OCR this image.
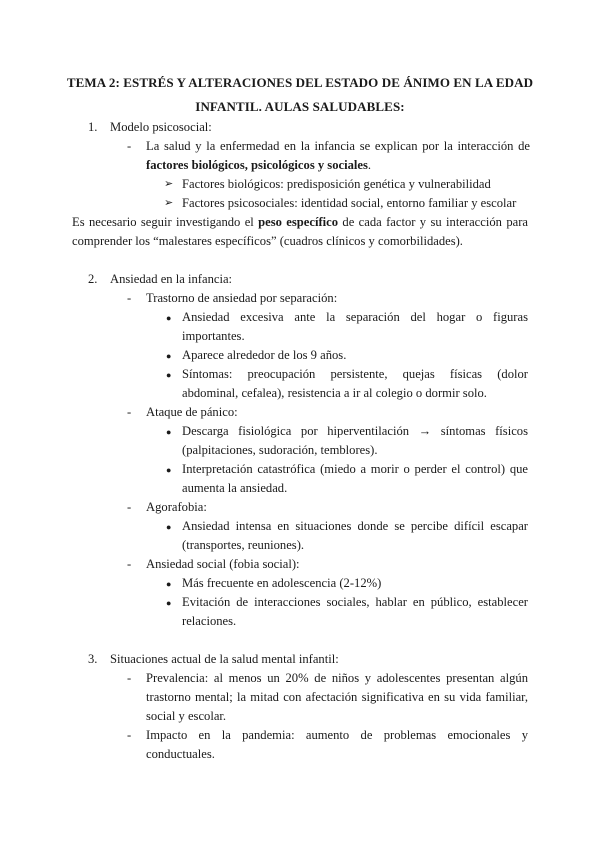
TEMA 2: ESTRÉS Y ALTERACIONES DEL ESTADO DE ÁNIMO EN LA EDAD
INFANTIL. AULAS SALUDABLES:
1. Modelo psicosocial:
- La salud y la enfermedad en la infancia se explican por la interacción de
factores biológicos, psicológicos y sociales.
➢ Factores biológicos: predisposición genética y vulnerabilidad
➢ Factores psicosociales: identidad social, entorno familiar y escolar
Es necesario seguir investigando el peso específico de cada factor y su interacción para
comprender los “malestares específicos” (cuadros clínicos y comorbilidades).
2. Ansiedad en la infancia:
- Trastorno de ansiedad por separación:
● Ansiedad excesiva ante la separación del hogar o figuras
importantes.
● Aparece alrededor de los 9 años.
● Síntomas: preocupación persistente, quejas físicas (dolor
abdominal, cefalea), resistencia a ir al colegio o dormir solo.
- Ataque de pánico:
● Descarga fisiológica por hiperventilación → síntomas físicos
(palpitaciones, sudoración, temblores).
● Interpretación catastrófica (miedo a morir o perder el control) que
aumenta la ansiedad.
- Agorafobia:
● Ansiedad intensa en situaciones donde se percibe difícil escapar
(transportes, reuniones).
- Ansiedad social (fobia social):
● Más frecuente en adolescencia (2-12%)
● Evitación de interacciones sociales, hablar en público, establecer
relaciones.
3. Situaciones actual de la salud mental infantil:
- Prevalencia: al menos un 20% de niños y adolescentes presentan algún
trastorno mental; la mitad con afectación significativa en su vida familiar,
social y escolar.
- Impacto en la pandemia: aumento de problemas emocionales y
conductuales.
